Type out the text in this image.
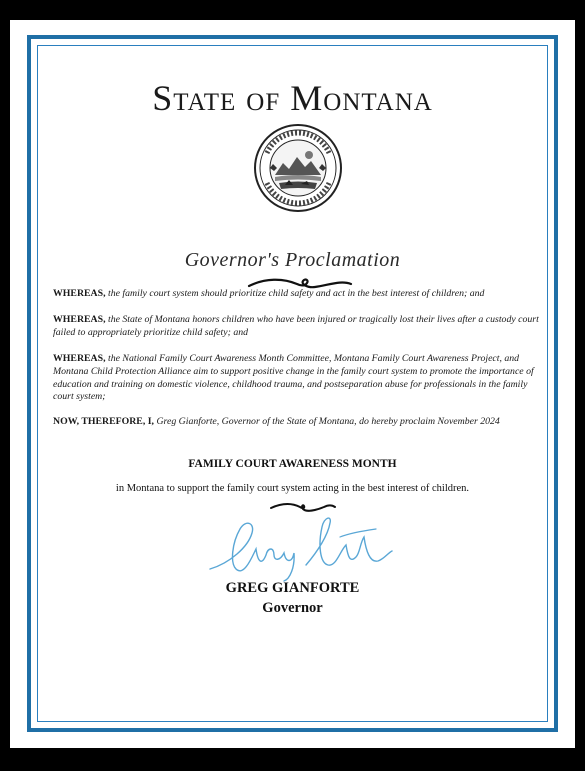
State of Montana
Governor's Proclamation
WHEREAS, the family court system should prioritize child safety and act in the best interest of children; and
WHEREAS, the State of Montana honors children who have been injured or tragically lost their lives after a custody court failed to appropriately prioritize child safety; and
WHEREAS, the National Family Court Awareness Month Committee, Montana Family Court Awareness Project, and Montana Child Protection Alliance aim to support positive change in the family court system to promote the importance of education and training on domestic violence, childhood trauma, and postseparation abuse for professionals in the family court system;
NOW, THEREFORE, I, Greg Gianforte, Governor of the State of Montana, do hereby proclaim November 2024
FAMILY COURT AWARENESS MONTH
in Montana to support the family court system acting in the best interest of children.
GREG GIANFORTE
Governor
